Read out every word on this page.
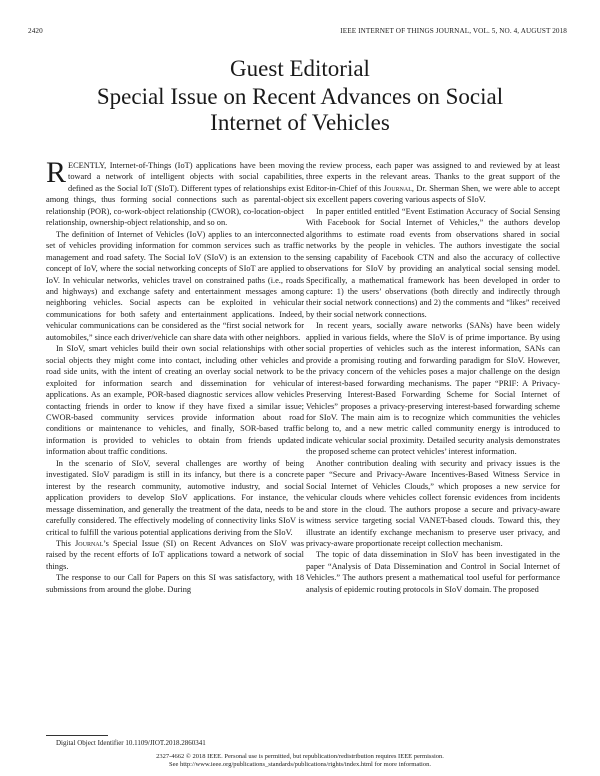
2420	IEEE INTERNET OF THINGS JOURNAL, VOL. 5, NO. 4, AUGUST 2018
Guest Editorial
Special Issue on Recent Advances on Social
Internet of Vehicles

RECENTLY, Internet-of-Things (IoT) applications have been moving toward a network of intelligent objects with social capabilities, defined as the Social IoT (SIoT). Different types of relationships exist among things, thus forming social connections such as parental-object relationship (POR), co-work-object relationship (CWOR), co-location-object relationship, ownership-object relationship, and so on.

The definition of Internet of Vehicles (IoV) applies to an interconnected set of vehicles providing information for common services such as traffic management and road safety. The Social IoV (SIoV) is an extension to the concept of IoV, where the social networking concepts of SIoT are applied to IoV. In vehicular networks, vehicles travel on constrained paths (i.e., roads and highways) and exchange safety and entertainment messages among neighboring vehicles. Social aspects can be exploited in vehicular communications for both safety and entertainment applications. Indeed, vehicular communications can be considered as the “first social network for automobiles,” since each driver/vehicle can share data with other neighbors.

In SIoV, smart vehicles build their own social relationships with other social objects they might come into contact, including other vehicles and road side units, with the intent of creating an overlay social network to be exploited for information search and dissemination for vehicular applications. As an example, POR-based diagnostic services allow vehicles contacting friends in order to know if they have fixed a similar issue; CWOR-based community services provide information about road conditions or maintenance to vehicles, and finally, SOR-based traffic information is provided to vehicles to obtain from friends updated information about traffic conditions.

In the scenario of SIoV, several challenges are worthy of being investigated. SIoV paradigm is still in its infancy, but there is a concrete interest by the research community, automotive industry, and social application providers to develop SIoV applications. For instance, the message dissemination, and generally the treatment of the data, needs to be carefully considered. The effectively modeling of connectivity links SIoV is critical to fulfill the various potential applications deriving from the SIoV.

This Journal’s Special Issue (SI) on Recent Advances on SIoV was raised by the recent efforts of IoT applications toward a network of social things.

The response to our Call for Papers on this SI was satisfactory, with 18 submissions from around the globe. During

the review process, each paper was assigned to and reviewed by at least three experts in the relevant areas. Thanks to the great support of the Editor-in-Chief of this Journal, Dr. Sherman Shen, we were able to accept six excellent papers covering various aspects of SIoV.

In paper entitled entitled “Event Estimation Accuracy of Social Sensing With Facebook for Social Internet of Vehicles,” the authors develop algorithms to estimate road events from observations shared in social networks by the people in vehicles. The authors investigate the social sensing capability of Facebook CTN and also the accuracy of collective observations for SIoV by providing an analytical social sensing model. Specifically, a mathematical framework has been developed in order to capture: 1) the users’ observations (both directly and indirectly through their social network connections) and 2) the comments and “likes” received by their social network connections.

In recent years, socially aware networks (SANs) have been widely applied in various fields, where the SIoV is of prime importance. By using social properties of vehicles such as the interest information, SANs can provide a promising routing and forwarding paradigm for SIoV. However, the privacy concern of the vehicles poses a major challenge on the design of interest-based forwarding mechanisms. The paper “PRIF: A Privacy-Preserving Interest-Based Forwarding Scheme for Social Internet of Vehicles” proposes a privacy-preserving interest-based forwarding scheme for SIoV. The main aim is to recognize which communities the vehicles belong to, and a new metric called community energy is introduced to indicate vehicular social proximity. Detailed security analysis demonstrates the proposed scheme can protect vehicles’ interest information.

Another contribution dealing with security and privacy issues is the paper “Secure and Privacy-Aware Incentives-Based Witness Service in Social Internet of Vehicles Clouds,” which proposes a new service for vehicular clouds where vehicles collect forensic evidences from incidents and store in the cloud. The authors propose a secure and privacy-aware witness service targeting social VANET-based clouds. Toward this, they illustrate an identify exchange mechanism to preserve user privacy, and privacy-aware proportionate receipt collection mechanism.

The topic of data dissemination in SIoV has been investigated in the paper “Analysis of Data Dissemination and Control in Social Internet of Vehicles.” The authors present a mathematical tool useful for performance analysis of epidemic routing protocols in SIoV domain. The proposed

Digital Object Identifier 10.1109/JIOT.2018.2860341
2327-4662 © 2018 IEEE. Personal use is permitted, but republication/redistribution requires IEEE permission.
See http://www.ieee.org/publications_standards/publications/rights/index.html for more information.
